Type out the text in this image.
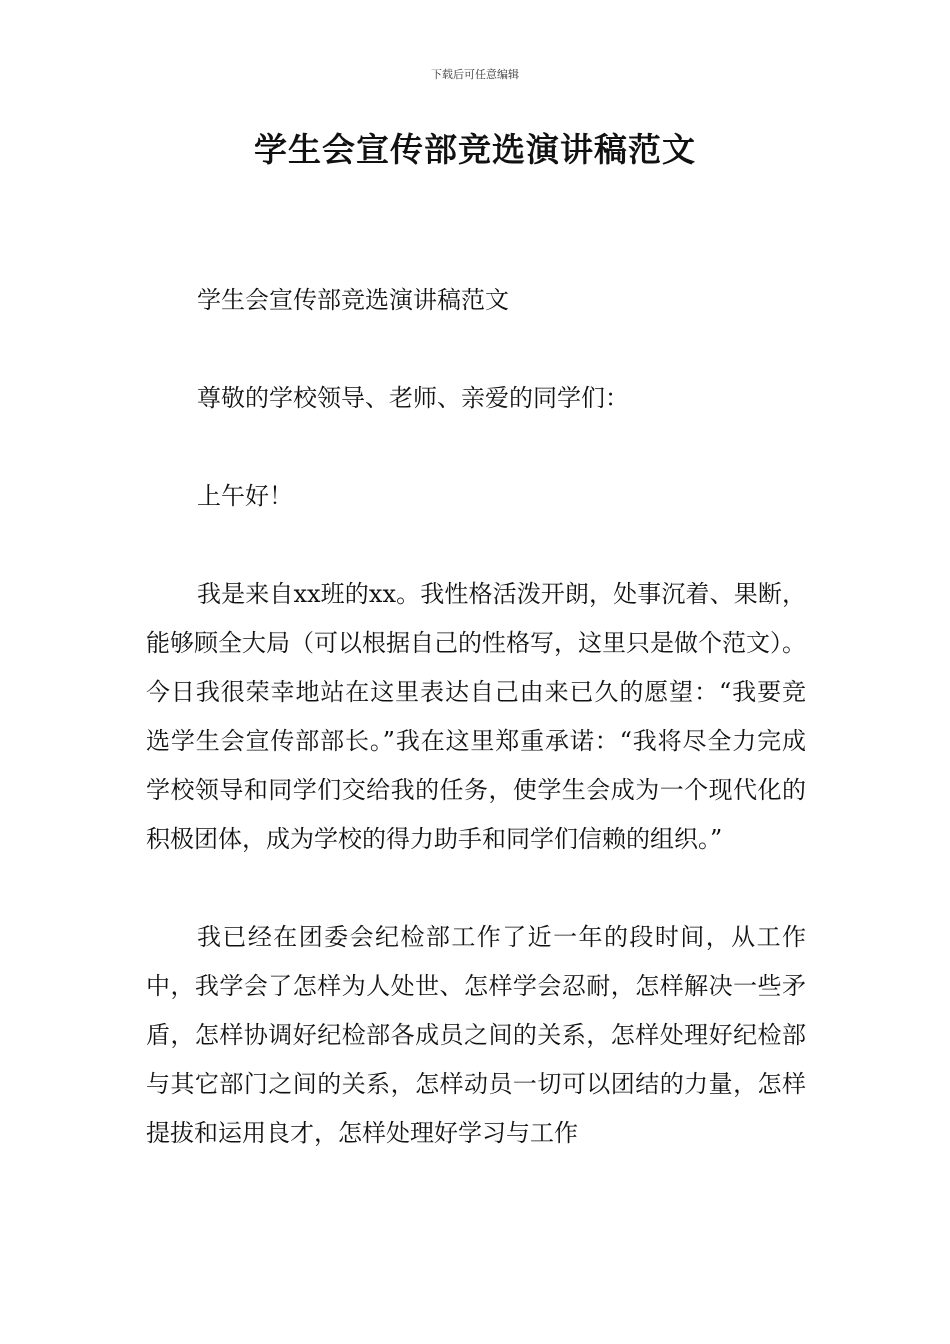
下载后可任意编辑
学生会宣传部竞选演讲稿范文

学生会宣传部竞选演讲稿范文

尊敬的学校领导、老师、亲爱的同学们：

上午好！

我是来自xx班的xx。我性格活泼开朗，处事沉着、果断，能够顾全大局（可以根据自己的性格写，这里只是做个范文）。今日我很荣幸地站在这里表达自己由来已久的愿望：“我要竞选学生会宣传部部长。”我在这里郑重承诺：“我将尽全力完成学校领导和同学们交给我的任务，使学生会成为一个现代化的积极团体，成为学校的得力助手和同学们信赖的组织。”

我已经在团委会纪检部工作了近一年的段时间，从工作中，我学会了怎样为人处世、怎样学会忍耐，怎样解决一些矛盾，怎样协调好纪检部各成员之间的关系，怎样处理好纪检部与其它部门之间的关系，怎样动员一切可以团结的力量，怎样提拔和运用良才，怎样处理好学习与工作
